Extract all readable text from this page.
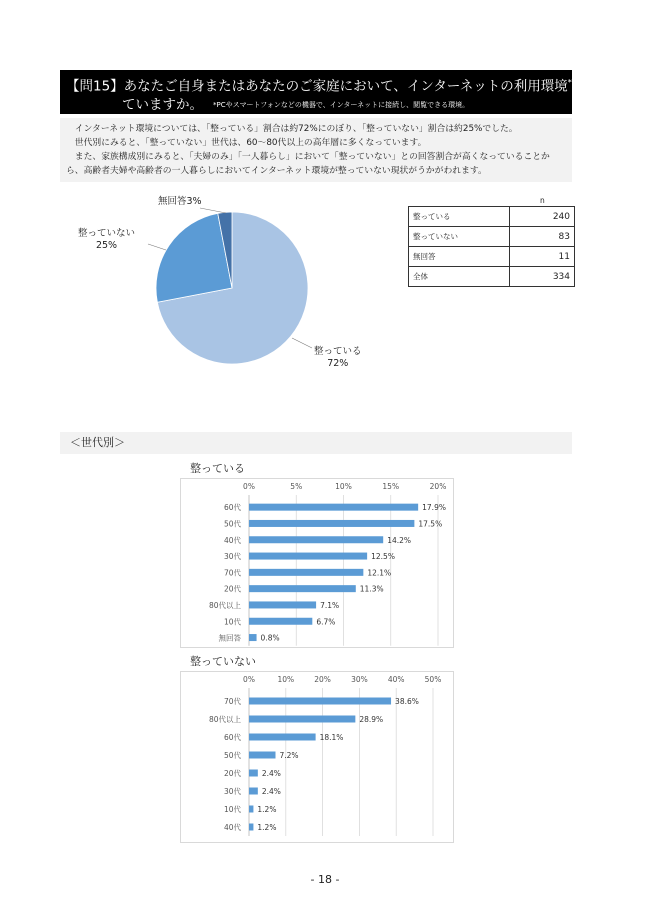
【問15】あなたご自身またはあなたのご家庭において、インターネットの利用環境*は整っ
ていますか。 *PCやスマートフォンなどの機器で、インターネットに接続し、閲覧できる環境。

　インターネット環境については、「整っている」割合は約72%にのぼり、「整っていない」割合は約25%でした。

　世代別にみると、「整っていない」世代は、60～80代以上の高年層に多くなっています。

　また、家族構成別にみると、「夫婦のみ」「一人暮らし」において「整っていない」との回答割合が高くなっていることか

ら、高齢者夫婦や高齢者の一人暮らしにおいてインターネット環境が整っていない現状がうかがわれます。

無回答3%
整っていない
25%
整っている
72%
n
整っている	240
整っていない	83
無回答	11
全体	334
＜世代別＞
整っている
0%	5%	10%	15%	20%
60代	17.9%
50代	17.5%
40代	14.2%
30代	12.5%
70代	12.1%
20代	11.3%
80代以上	7.1%
10代	6.7%
無回答	0.8%
整っていない
0%	10%	20%	30%	40%	50%
70代	38.6%
80代以上	28.9%
60代	18.1%
50代	7.2%
20代	2.4%
30代	2.4%
10代 1.2%
40代 1.2%
- 18 -
